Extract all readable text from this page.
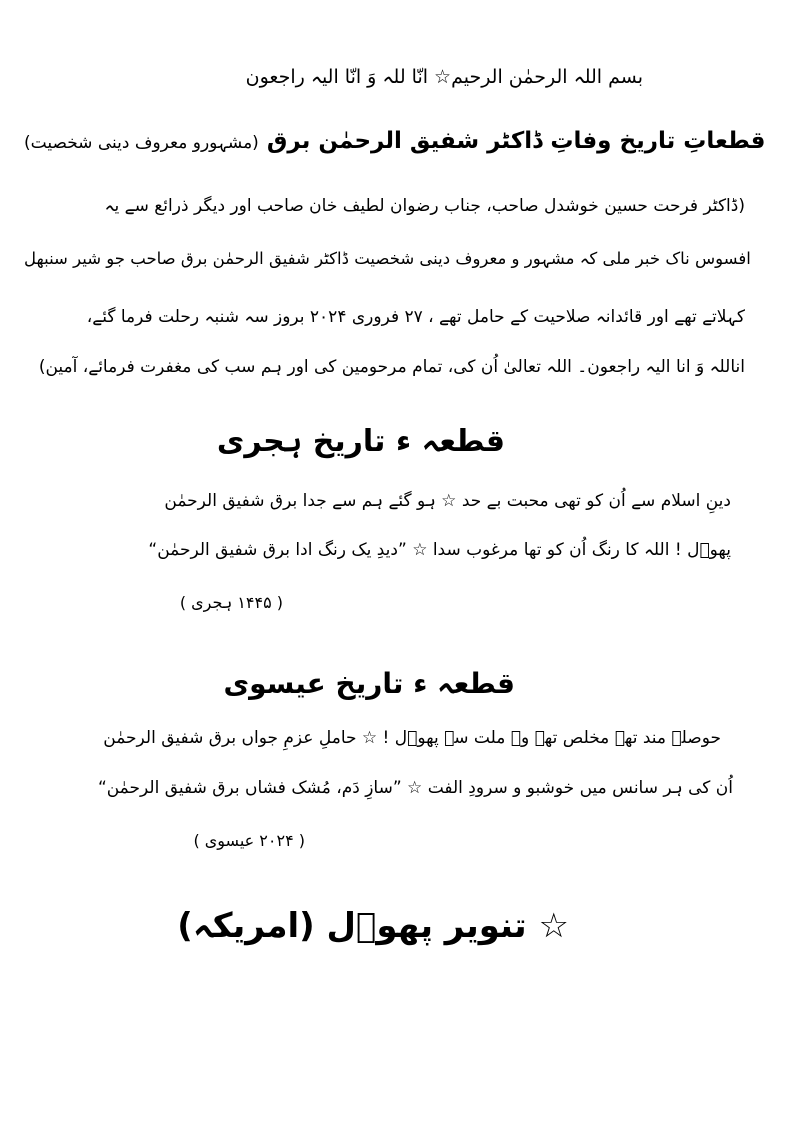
بسم اللہ الرحمٰن الرحیم☆ انّا للہ وَ انّا الیہ راجعون
قطعاتِ تاریخ وفاتِ ڈاکٹر شفیق الرحمٰن برق (مشہورو معروف دینی شخصیت)
(ڈاکٹر فرحت حسین خوشدل صاحب، جناب رضوان لطیف خان صاحب اور دیگر ذرائع سے یہ
افسوس ناک خبر ملی کہ مشہور و معروف دینی شخصیت ڈاکٹر شفیق الرحمٰن برق صاحب جو شیر سنبھل
کہلاتے تھے اور قائدانہ صلاحیت کے حامل تھے ، ۲۷ فروری ۲۰۲۴ بروز سہ شنبہ رحلت فرما گئے،
اناللہ وَ انا الیہ راجعون۔ اللہ تعالیٰ اُن کی، تمام مرحومین کی اور ہم سب کی مغفرت فرمائے، آمین)
قطعہ ء تاریخ ہجری
دینِ اسلام سے اُن کو تھی محبت بے حد ☆ ہو گئے ہم سے جدا برق شفیق الرحمٰن
پھوؔل ! اللہ کا رنگ اُن کو تھا مرغوب سدا ☆ ”دیدِ یک رنگ ادا برق شفیق الرحمٰن“
( ۱۴۴۵ ہجری )
قطعہ ء تاریخ عیسوی
حوصلہ مند تھے مخلص تھے وہ ملت سے پھوؔل ! ☆ حاملِ عزمِ جواں برق شفیق الرحمٰن
اُن کی ہر سانس میں خوشبو و سرودِ الفت ☆ ”سازِ دَم، مُشک فشاں برق شفیق الرحمٰن“
( ۲۰۲۴ عیسوی )
☆ تنویر پھوؔل (امریکہ)
